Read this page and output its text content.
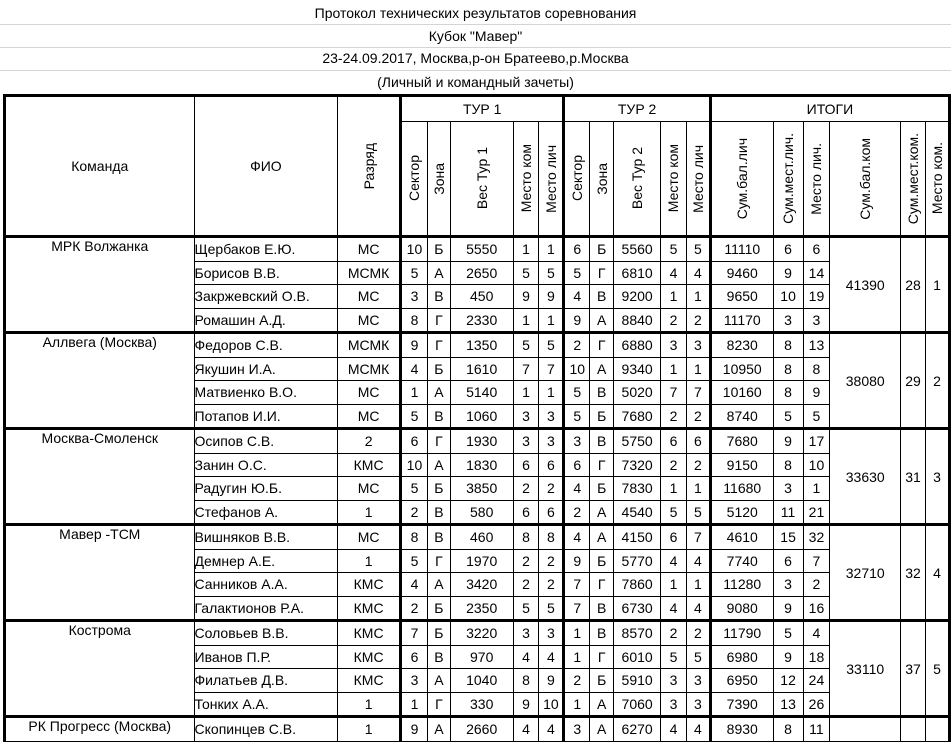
Протокол технических результатов соревнования
Кубок "Мавер"
23-24.09.2017, Москва,р-он Братеево,р.Москва
(Личный и командный зачеты)
Команда	ФИО	Разряд	ТУР 1					ТУР 2					ИТОГИ					

			Сектор	Зона	Вес Тур 1	Место ком	Место лич	Сектор	Зона	Вес Тур 2	Место ком	Место лич	Сум.бал.лич	Сум.мест.лич.	Место лич.	Сум.бал.ком	Сум.мест.ком.	Место ком.

МРК Волжанка	Щербаков Е.Ю.	МС	10	Б	5550	1	1	6	Б	5560	5	5	11110	6	6	41390	28	1
	Борисов В.В.	МСМК	5	А	2650	5	5	5	Г	6810	4	4	9460	9	14			
	Закржевский О.В.	МС	3	В	450	9	9	4	В	9200	1	1	9650	10	19			
	Ромашин А.Д.	МС	8	Г	2330	1	1	9	А	8840	2	2	11170	3	3			
Аллвега (Москва)	Федоров С.В.	МСМК	9	Г	1350	5	5	2	Г	6880	3	3	8230	8	13	38080	29	2
	Якушин И.А.	МСМК	4	Б	1610	7	7	10	А	9340	1	1	10950	8	8			
	Матвиенко В.О.	МС	1	А	5140	1	1	5	В	5020	7	7	10160	8	9			
	Потапов И.И.	МС	5	В	1060	3	3	5	Б	7680	2	2	8740	5	5			
Москва-Смоленск	Осипов С.В.	2	6	Г	1930	3	3	3	В	5750	6	6	7680	9	17	33630	31	3
	Занин О.С.	КМС	10	А	1830	6	6	6	Г	7320	2	2	9150	8	10			
	Радугин Ю.Б.	МС	5	Б	3850	2	2	4	Б	7830	1	1	11680	3	1			
	Стефанов А.	1	2	В	580	6	6	2	А	4540	5	5	5120	11	21			
Мавер -ТСМ	Вишняков В.В.	МС	8	В	460	8	8	4	А	4150	6	7	4610	15	32	32710	32	4
	Демнер А.Е.	1	5	Г	1970	2	2	9	Б	5770	4	4	7740	6	7			
	Санников А.А.	КМС	4	А	3420	2	2	7	Г	7860	1	1	11280	3	2			
	Галактионов Р.А.	КМС	2	Б	2350	5	5	7	В	6730	4	4	9080	9	16			
Кострома	Соловьев В.В.	КМС	7	Б	3220	3	3	1	В	8570	2	2	11790	5	4	33110	37	5
	Иванов П.Р.	КМС	6	В	970	4	4	1	Г	6010	5	5	6980	9	18			
	Филатьев Д.В.	КМС	3	А	1040	8	9	2	Б	5910	3	3	6950	12	24			
	Тонких А.А.	1	1	Г	330	9	10	1	А	7060	3	3	7390	13	26			
РК Прогресс (Москва)	Скопинцев С.В.	1	9	А	2660	4	4	3	А	6270	4	4	8930	8	11			
